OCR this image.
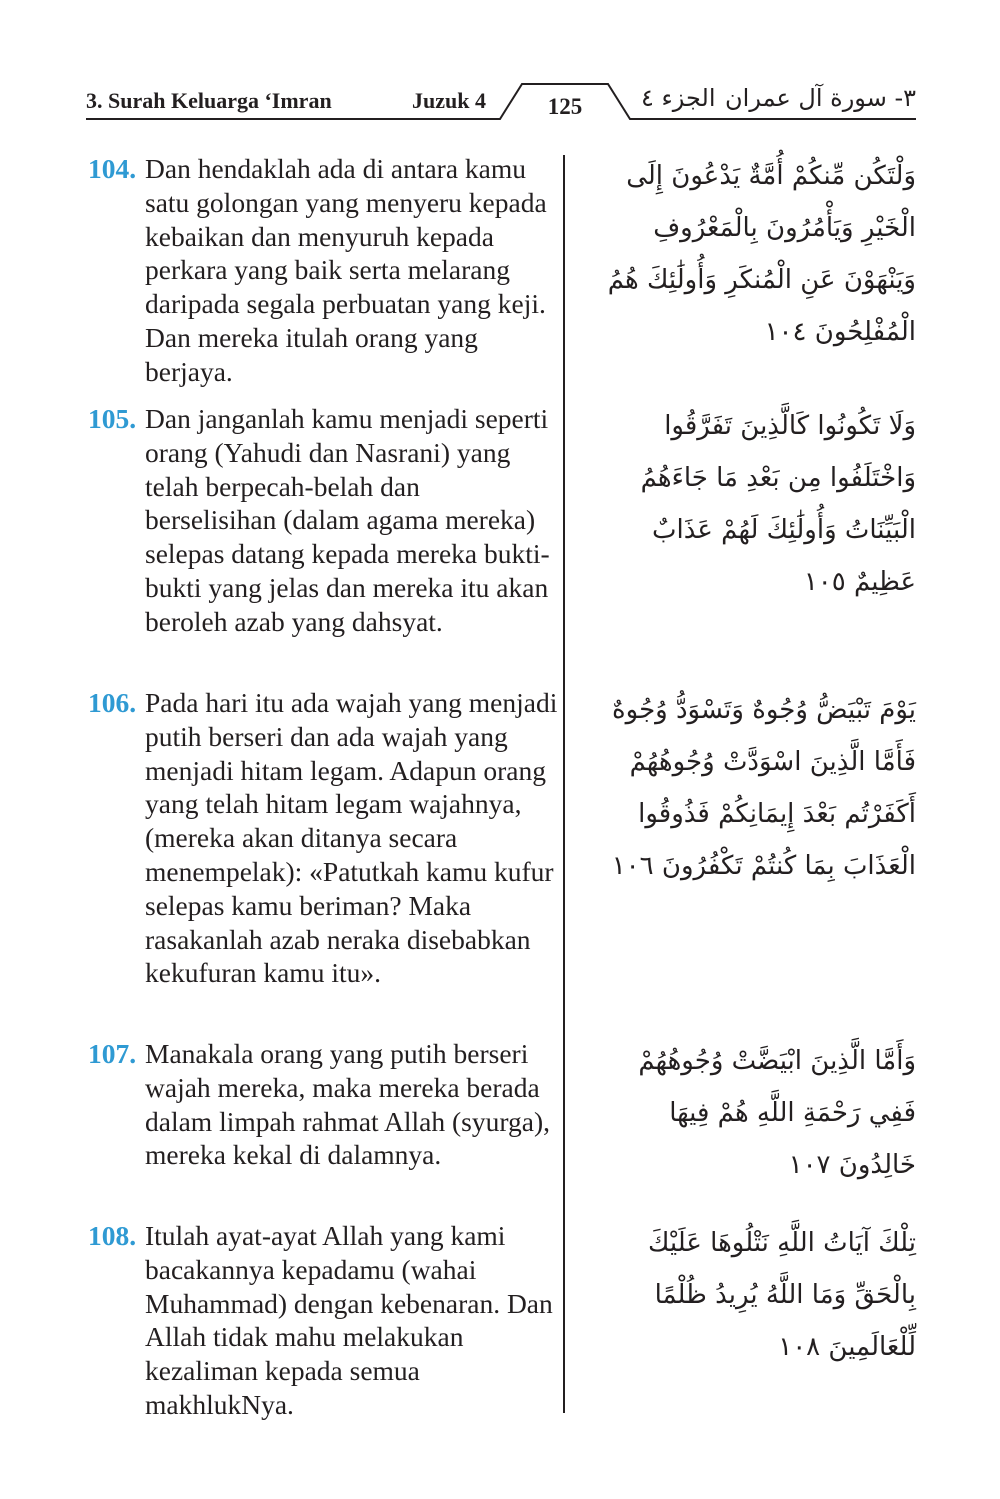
3. Surah Keluarga ‘Imran	Juzuk 4	125	الجزء ٤ ٣- سورة آل عمران
104. Dan hendaklah ada di antara kamu satu golongan yang menyeru kepada kebaikan dan menyuruh kepada perkara yang baik serta melarang daripada segala perbuatan yang keji. Dan mereka itulah orang yang berjaya.
وَلْتَكُن مِّنكُمْ أُمَّةٌ يَدْعُونَ إِلَى الْخَيْرِ وَيَأْمُرُونَ بِالْمَعْرُوفِ وَيَنْهَوْنَ عَنِ الْمُنكَرِ وَأُولَٰئِكَ هُمُ الْمُفْلِحُونَ ١٠٤
105. Dan janganlah kamu menjadi seperti orang (Yahudi dan Nasrani) yang telah berpecah-belah dan berselisihan (dalam agama mereka) selepas datang kepada mereka bukti-bukti yang jelas dan mereka itu akan beroleh azab yang dahsyat.
وَلَا تَكُونُوا كَالَّذِينَ تَفَرَّقُوا وَاخْتَلَفُوا مِن بَعْدِ مَا جَاءَهُمُ الْبَيِّنَاتُ وَأُولَٰئِكَ لَهُمْ عَذَابٌ عَظِيمٌ ١٠٥
106. Pada hari itu ada wajah yang menjadi putih berseri dan ada wajah yang menjadi hitam legam. Adapun orang yang telah hitam legam wajahnya, (mereka akan ditanya secara menempelak): «Patutkah kamu kufur selepas kamu beriman? Maka rasakanlah azab neraka disebabkan kekufuran kamu itu».
يَوْمَ تَبْيَضُّ وُجُوهٌ وَتَسْوَدُّ وُجُوهٌ فَأَمَّا الَّذِينَ اسْوَدَّتْ وُجُوهُهُمْ أَكَفَرْتُم بَعْدَ إِيمَانِكُمْ فَذُوقُوا الْعَذَابَ بِمَا كُنتُمْ تَكْفُرُونَ ١٠٦
107. Manakala orang yang putih berseri wajah mereka, maka mereka berada dalam limpah rahmat Allah (syurga), mereka kekal di dalamnya.
وَأَمَّا الَّذِينَ ابْيَضَّتْ وُجُوهُهُمْ فَفِي رَحْمَةِ اللَّهِ هُمْ فِيهَا خَالِدُونَ ١٠٧
108. Itulah ayat-ayat Allah yang kami bacakannya kepadamu (wahai Muhammad) dengan kebenaran. Dan Allah tidak mahu melakukan kezaliman kepada semua makhlukNya.
تِلْكَ آيَاتُ اللَّهِ نَتْلُوهَا عَلَيْكَ بِالْحَقِّ وَمَا اللَّهُ يُرِيدُ ظُلْمًا لِّلْعَالَمِينَ ١٠٨
